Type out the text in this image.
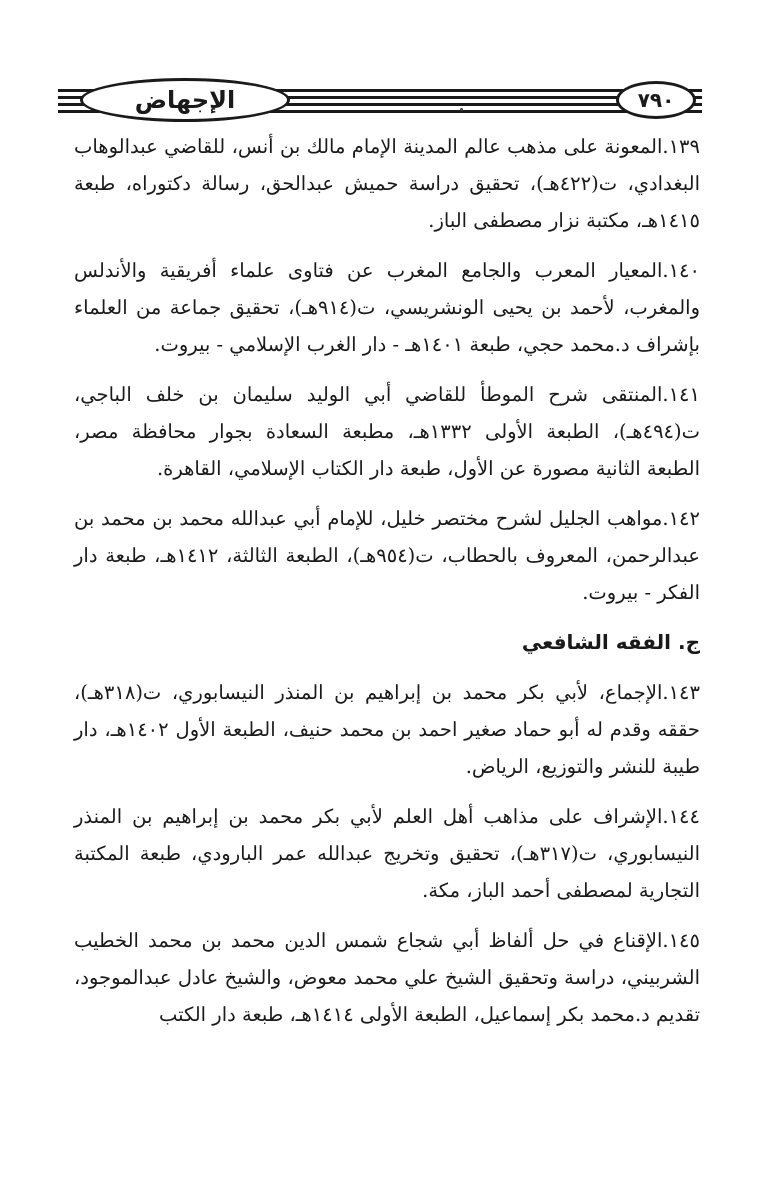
الإجهاض	٧٩٠

١٣٩.المعونة على مذهب عالم المدينة الإمام مالك بن أنس، للقاضي عبدالوهاب البغدادي، ت(٤٢٢هـ)، تحقيق دراسة حميش عبدالحق، رسالة دكتوراه، طبعة ١٤١٥هـ، مكتبة نزار مصطفى الباز.

١٤٠.المعيار المعرب والجامع المغرب عن فتاوى علماء أفريقية والأندلس والمغرب، لأحمد بن يحيى الونشريسي، ت(٩١٤هـ)، تحقيق جماعة من العلماء بإشراف د.محمد حجي، طبعة ١٤٠١هـ - دار الغرب الإسلامي - بيروت.

١٤١.المنتقى شرح الموطأ للقاضي أبي الوليد سليمان بن خلف الباجي، ت(٤٩٤هـ)، الطبعة الأولى ١٣٣٢هـ، مطبعة السعادة بجوار محافظة مصر، الطبعة الثانية مصورة عن الأول، طبعة دار الكتاب الإسلامي، القاهرة.

١٤٢.مواهب الجليل لشرح مختصر خليل، للإمام أبي عبدالله محمد بن محمد بن عبدالرحمن، المعروف بالحطاب، ت(٩٥٤هـ)، الطبعة الثالثة، ١٤١٢هـ، طبعة دار الفكر - بيروت.

ج. الفقه الشافعي

١٤٣.الإجماع، لأبي بكر محمد بن إبراهيم بن المنذر النيسابوري، ت(٣١٨هـ)، حققه وقدم له أبو حماد صغير احمد بن محمد حنيف، الطبعة الأول ١٤٠٢هـ، دار طيبة للنشر والتوزيع، الرياض.

١٤٤.الإشراف على مذاهب أهل العلم لأبي بكر محمد بن إبراهيم بن المنذر النيسابوري، ت(٣١٧هـ)، تحقيق وتخريج عبدالله عمر البارودي، طبعة المكتبة التجارية لمصطفى أحمد الباز، مكة.

١٤٥.الإقناع في حل ألفاظ أبي شجاع شمس الدين محمد بن محمد الخطيب الشربيني، دراسة وتحقيق الشيخ علي محمد معوض، والشيخ عادل عبدالموجود، تقديم د.محمد بكر إسماعيل، الطبعة الأولى ١٤١٤هـ، طبعة دار الكتب
